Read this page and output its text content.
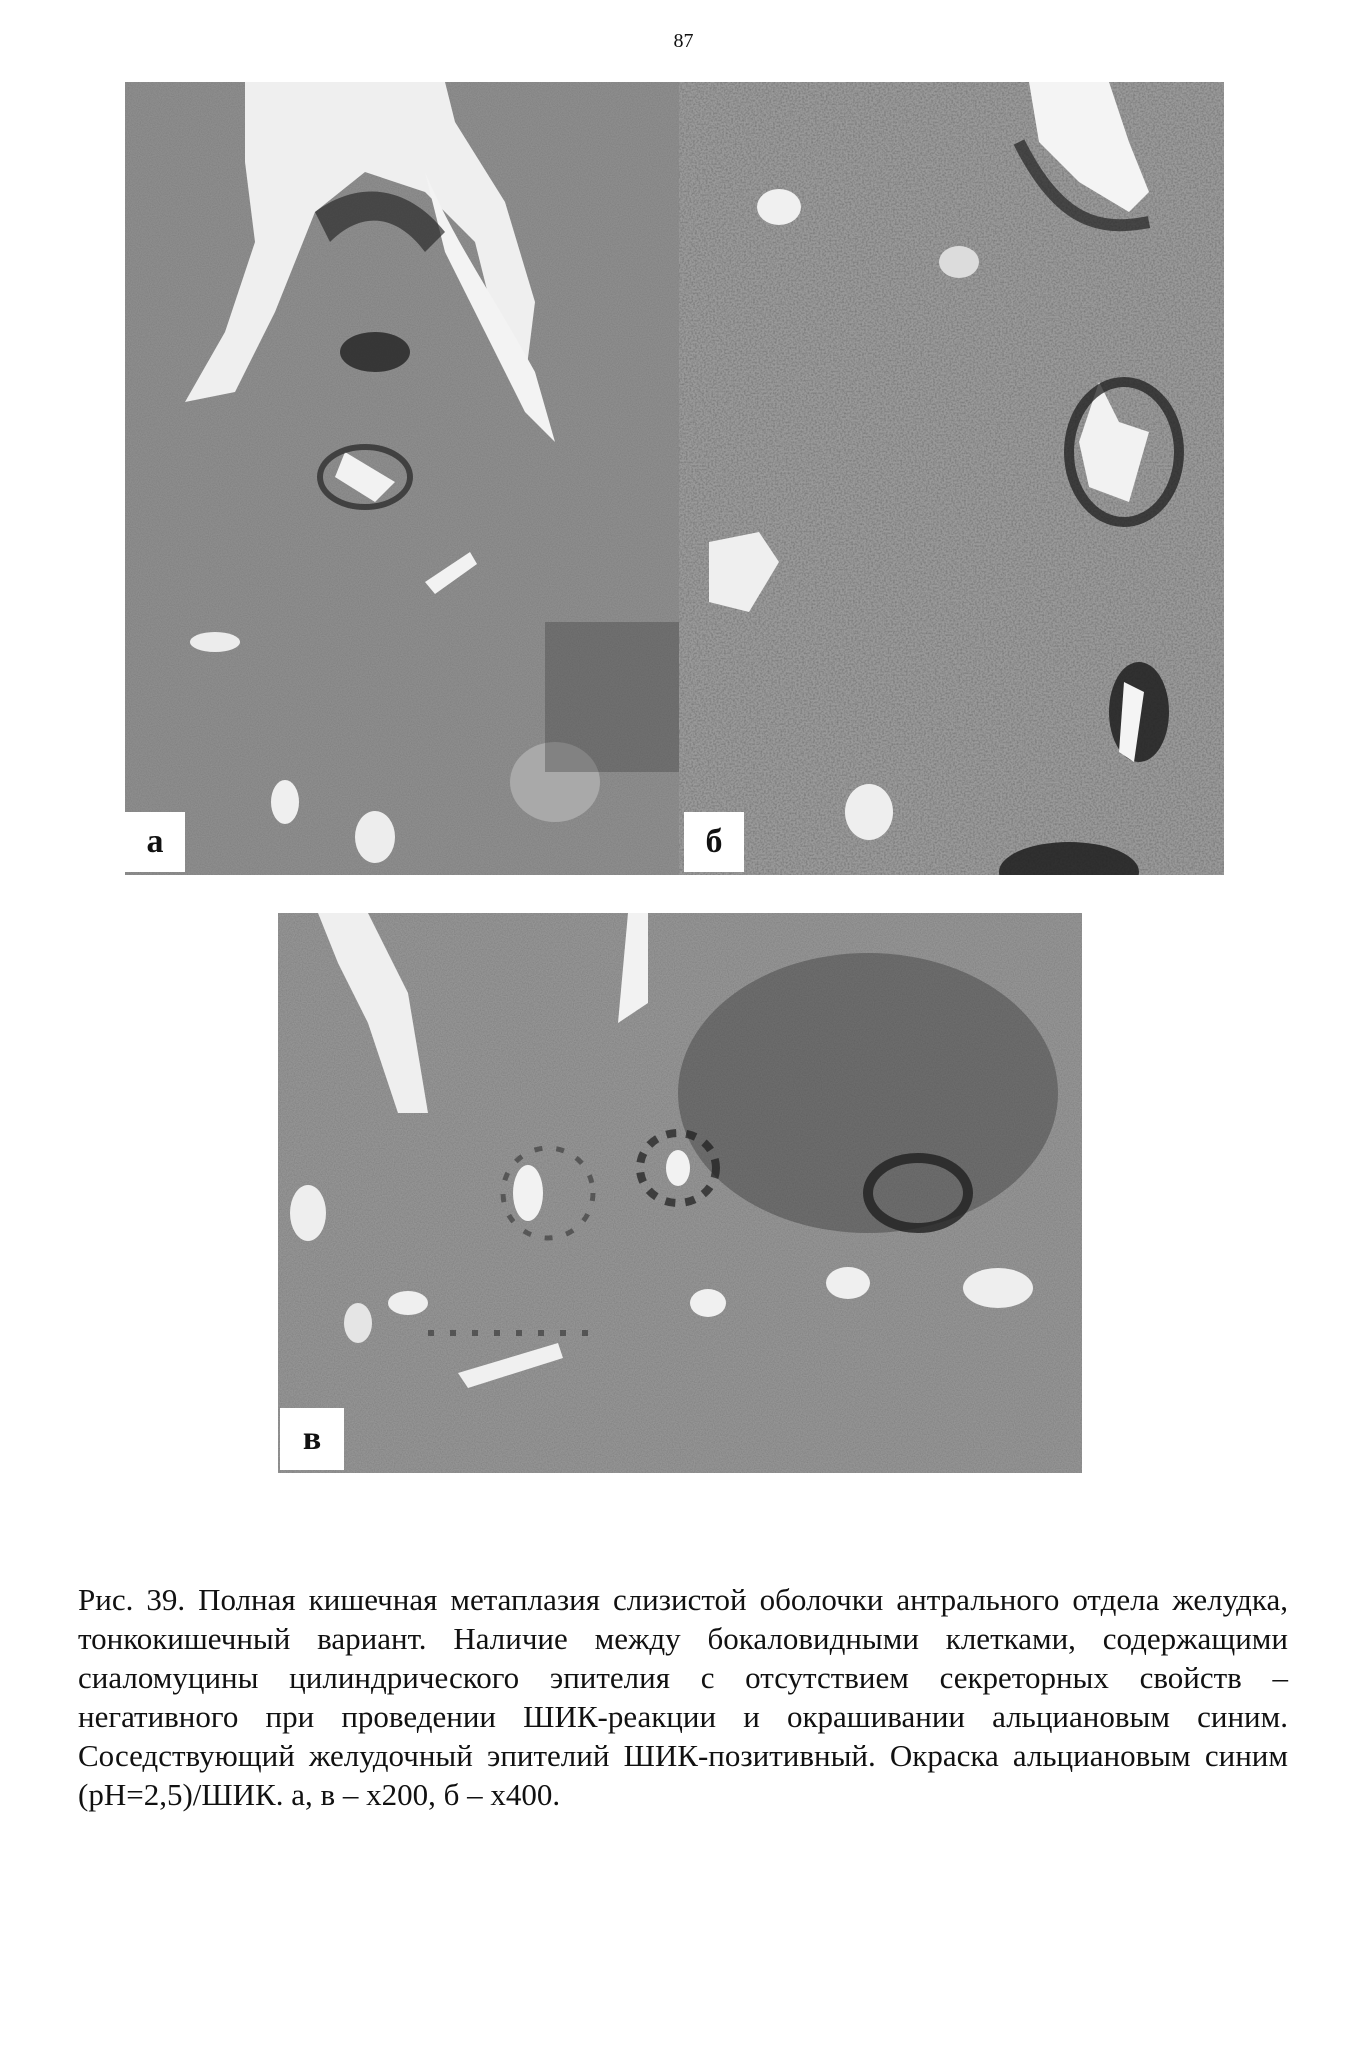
87
а	б
в
Рис. 39. Полная кишечная метаплазия слизистой оболочки антрального отдела желудка, тонкокишечный вариант. Наличие между бокаловидными клетками, содержащими сиаломуцины цилиндрического эпителия с отсутствием секреторных свойств – негативного при проведении ШИК-реакции и окрашивании альциановым синим. Соседствующий желудочный эпителий ШИК-позитивный. Окраска альциановым синим (pH=2,5)/ШИК. а, в – х200, б – х400.
